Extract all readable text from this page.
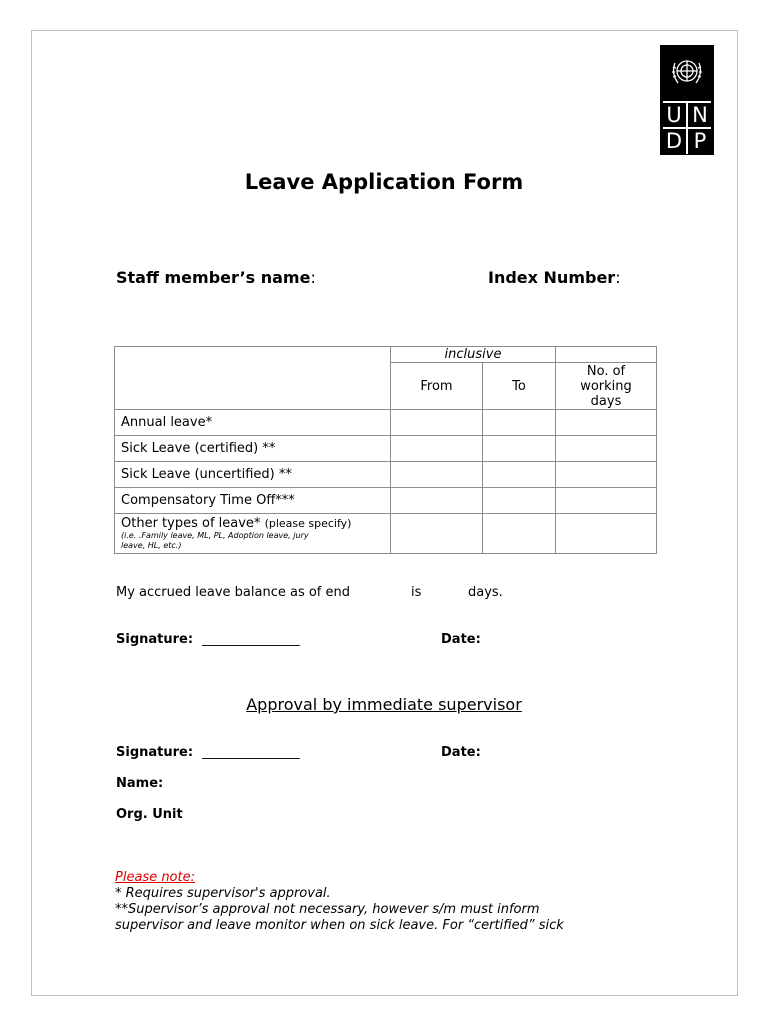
U N
D P
Leave Application Form
Staff member’s name:	Index Number:
	inclusive		
	From	To	No. of
working
days
Annual leave*			
Sick Leave (certified) **			
Sick Leave (uncertified) **			
Compensatory Time Off***			
Other types of leave* (please specify)
(i.e. .Family leave, ML, PL, Adoption leave, jury
leave, HL, etc.)			

My accrued leave balance as of end	is	days.
Signature: _______________	Date:
Approval by immediate supervisor
Signature: _______________	Date:
Name:
Org. Unit
Please note:
* Requires supervisor's approval.
**Supervisor’s approval not necessary, however s/m must inform
supervisor and leave monitor when on sick leave. For “certified” sick
